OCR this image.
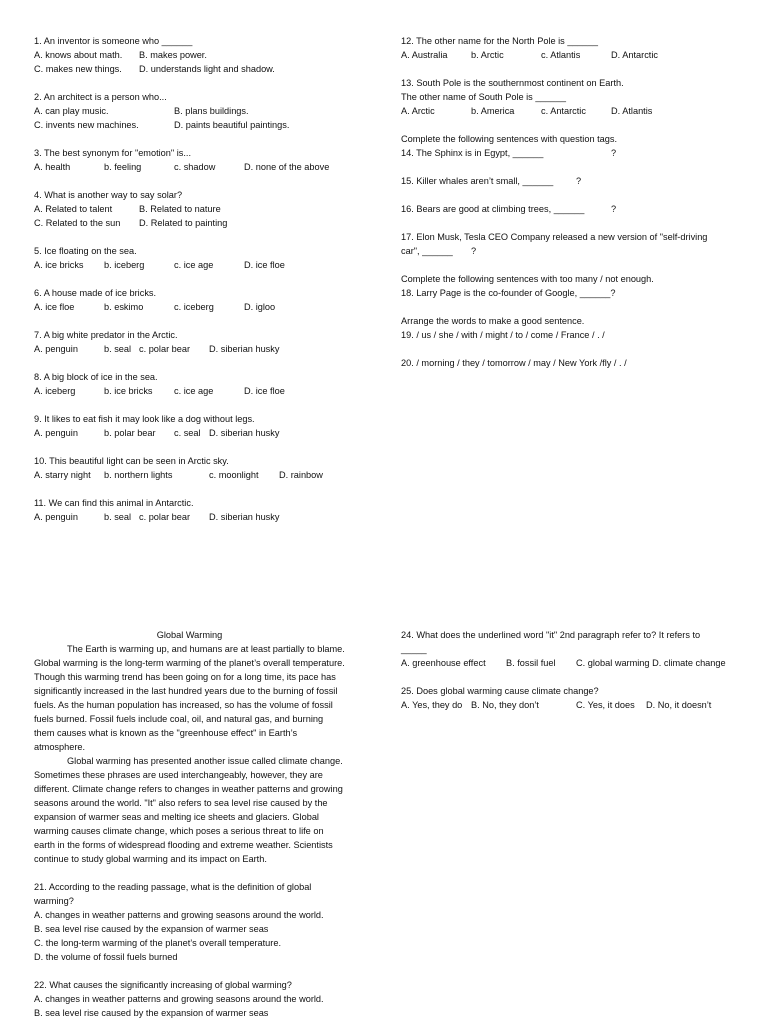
1. An inventor is someone who ______

A. knows about math.	B. makes power.
C. makes new things.	D. understands light and shadow.

2. An architect is a person who...

A. can play music.	B. plans buildings.
C. invents new machines.	D. paints beautiful paintings.

3. The best synonym for "emotion" is...

A. health	b. feeling	c. shadow	D. none of the above

4. What is another way to say solar?

A. Related to talent	B. Related to nature
C. Related to the sun	D. Related to painting

5. Ice floating on the sea.

A. ice bricks	b. iceberg	c. ice age	D. ice floe

6. A house made of ice bricks.

A. ice floe	b. eskimo	c. iceberg	D. igloo

7. A big white predator in the Arctic.

A. penguin	b. seal c. polar bear	D. siberian husky

8. A big block of ice in the sea.

A. iceberg	b. ice bricks	c. ice age	D. ice floe

9. It likes to eat fish it may look like a dog without legs.

A. penguin	b. polar bear	c. seal D. siberian husky

10. This beautiful light can be seen in Arctic sky.

A. starry night	b. northern lights	c. moonlight	D. rainbow

11. We can find this animal in Antarctic.

A. penguin	b. seal c. polar bear	D. siberian husky

12. The other name for the North Pole is ______

A. Australia	b. Arctic	c. Atlantis	D. Antarctic

13. South Pole is the southernmost continent on Earth.

The other name of South Pole is ______

A. Arctic	b. America	c. Antarctic	D. Atlantis

Complete the following sentences with question tags.

14. The Sphinx is in Egypt, ______	?
15. Killer whales aren’t small, ______	?
16. Bears are good at climbing trees, ______	?

17. Elon Musk, Tesla CEO Company released a new version of "self-driving

car", ______	?

Complete the following sentences with too many / not enough.

18. Larry Page is the co-founder of Google, ______?

Arrange the words to make a good sentence.

19. / us / she / with / might / to / come / France / . /

20. / morning / they / tomorrow / may / New York /fly / . /

Global Warming

The Earth is warming up, and humans are at least partially to blame. Global warming is the long-term warming of the planet’s overall temperature. Though this warming trend has been going on for a long time, its pace has significantly increased in the last hundred years due to the burning of fossil fuels. As the human population has increased, so has the volume of fossil fuels burned. Fossil fuels include coal, oil, and natural gas, and burning them causes what is known as the "greenhouse effect" in Earth’s atmosphere.

Global warming has presented another issue called climate change. Sometimes these phrases are used interchangeably, however, they are different. Climate change refers to changes in weather patterns and growing seasons around the world. "It" also refers to sea level rise caused by the expansion of warmer seas and melting ice sheets and glaciers. Global warming causes climate change, which poses a serious threat to life on earth in the forms of widespread flooding and extreme weather. Scientists continue to study global warming and its impact on Earth.

21. According to the reading passage, what is the definition of global

warming?

A. changes in weather patterns and growing seasons around the world.

B. sea level rise caused by the expansion of warmer seas

C. the long-term warming of the planet’s overall temperature.

D. the volume of fossil fuels burned

22. What causes the significantly increasing of global warming?

A. changes in weather patterns and growing seasons around the world.

B. sea level rise caused by the expansion of warmer seas

24. What does the underlined word "it" 2nd paragraph refer to? It refers to

_____

A. greenhouse effect	B. fossil fuel	C. global warming D. climate change

25. Does global warming cause climate change?

A. Yes, they do B. No, they don’t	C. Yes, it does	D. No, it doesn’t
